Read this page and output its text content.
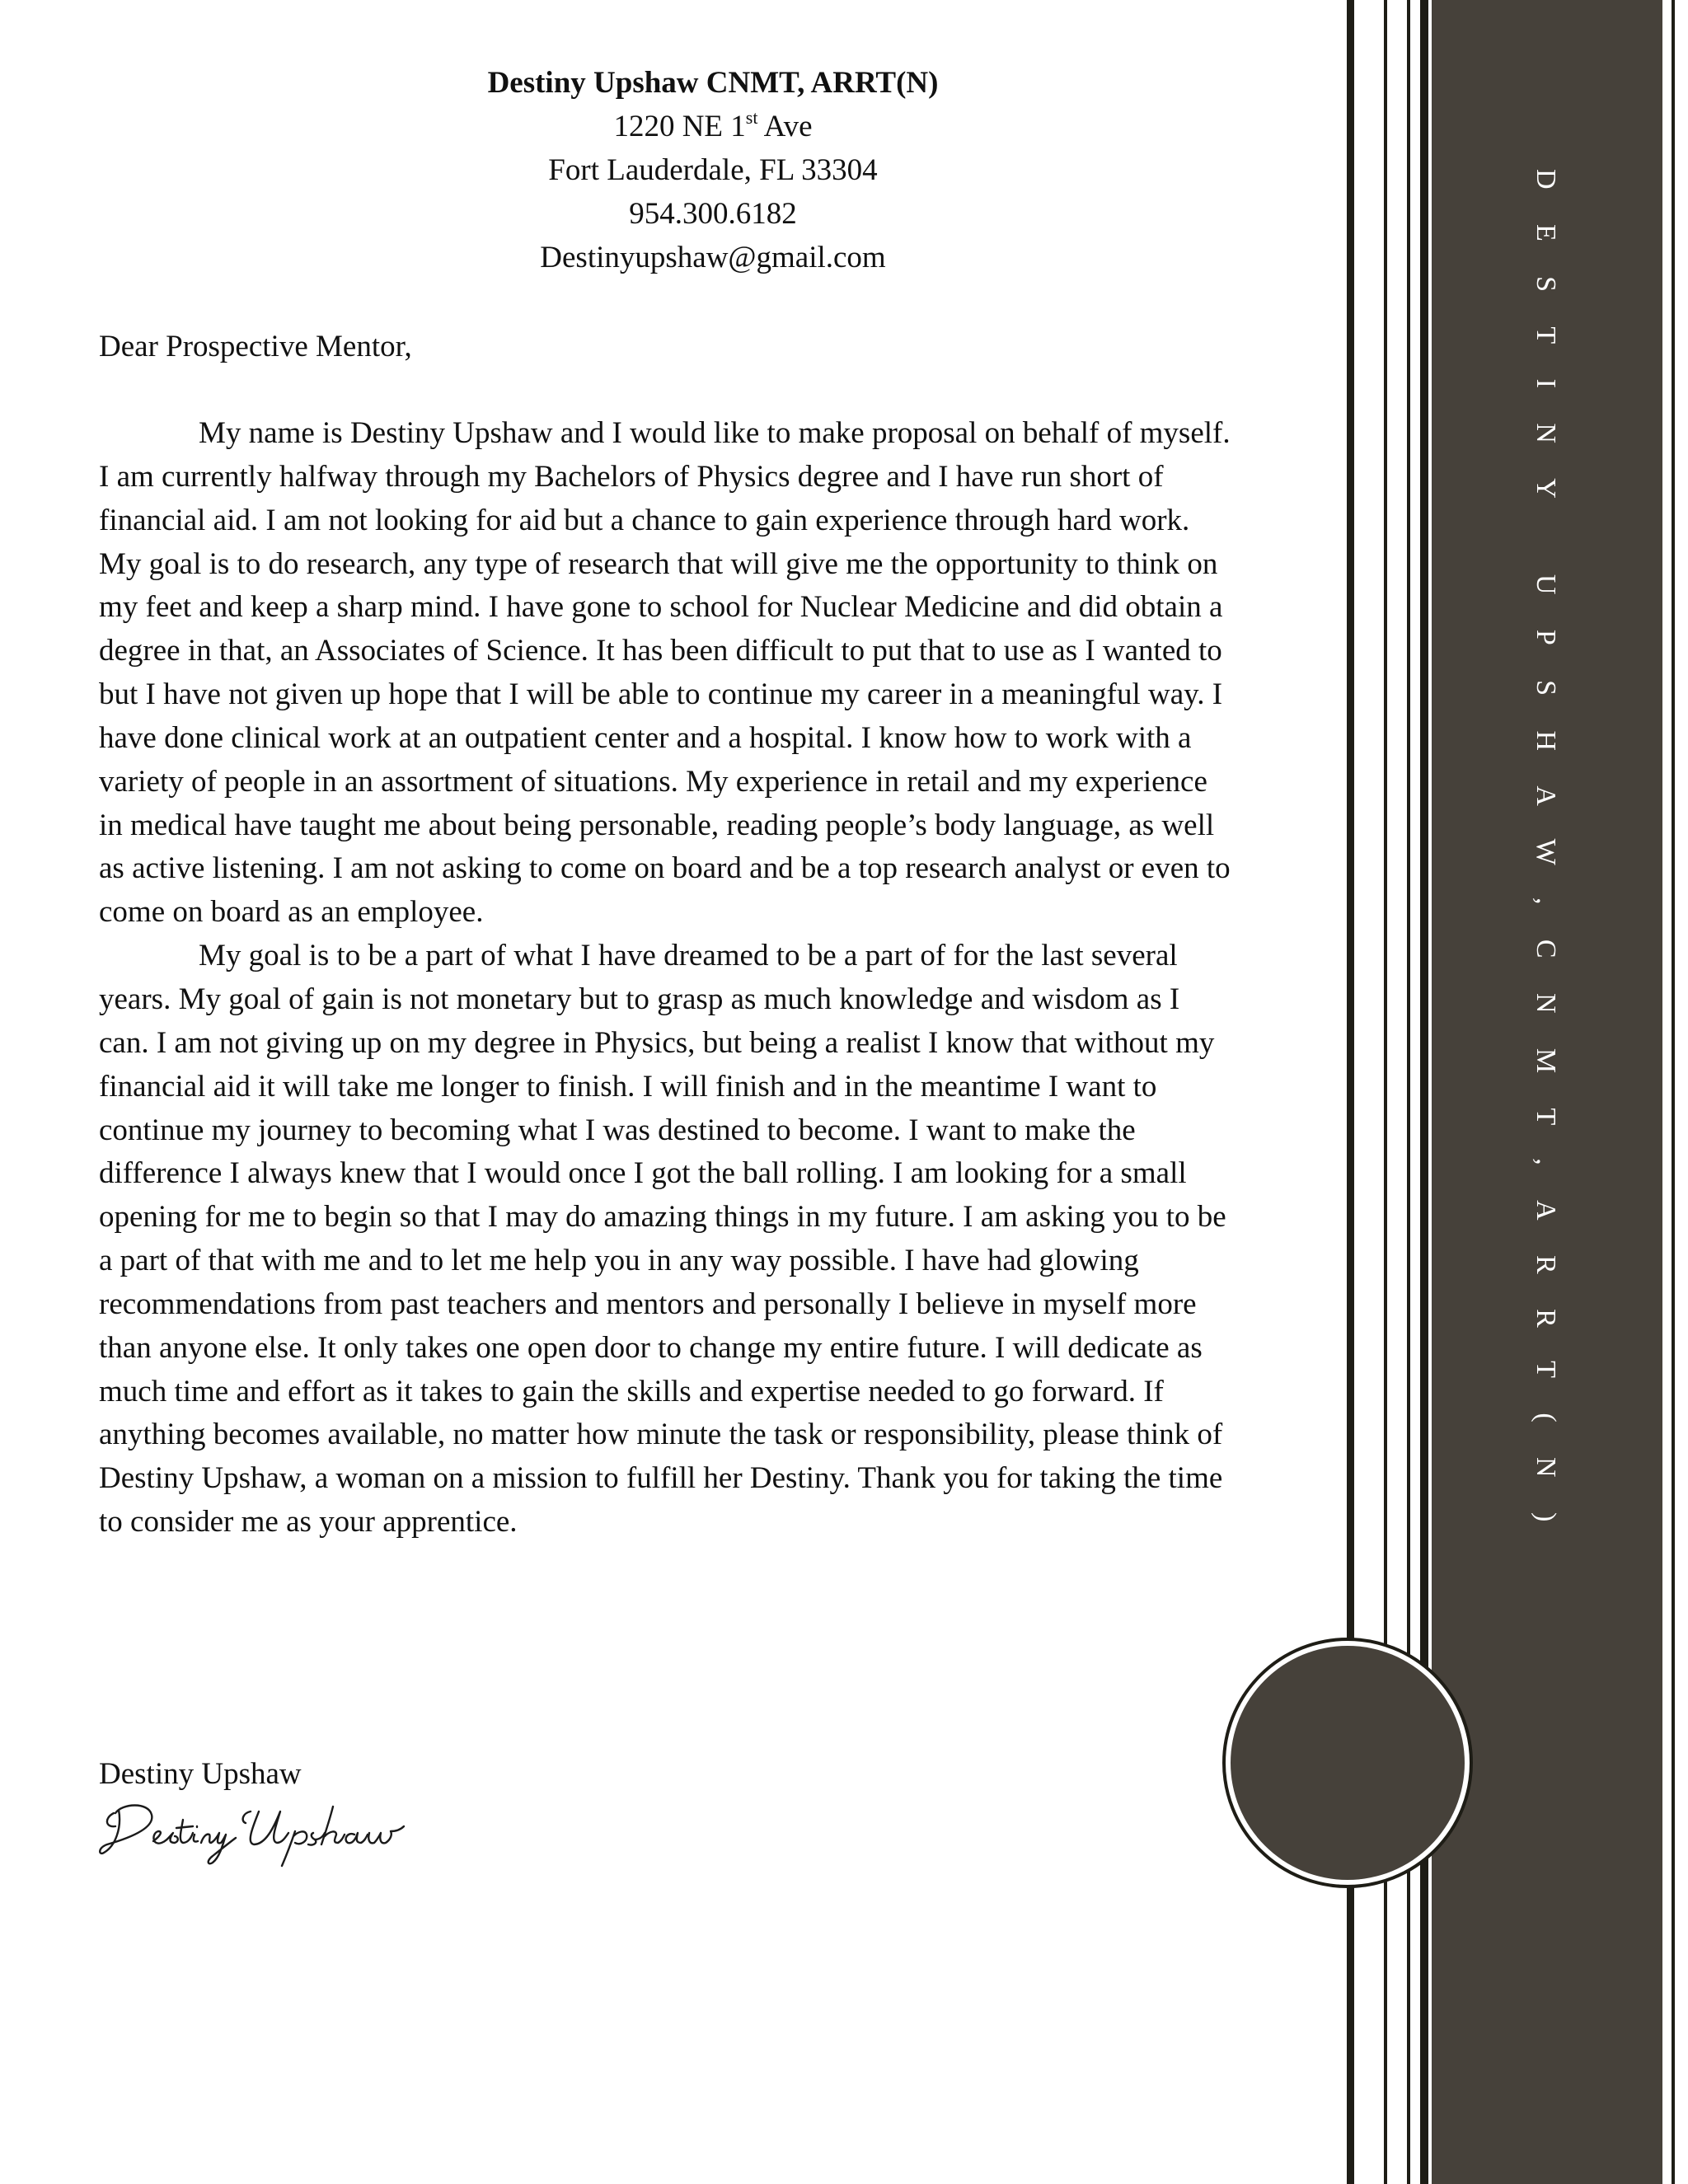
Destiny Upshaw CNMT, ARRT(N)
1220 NE 1st Ave
Fort Lauderdale, FL 33304
954.300.6182
Destinyupshaw@gmail.com
Dear Prospective Mentor,
My name is Destiny Upshaw and I would like to make proposal on behalf of myself.
I am currently halfway through my Bachelors of Physics degree and I have run short of
financial aid. I am not looking for aid but a chance to gain experience through hard work.
My goal is to do research, any type of research that will give me the opportunity to think on
my feet and keep a sharp mind. I have gone to school for Nuclear Medicine and did obtain a
degree in that, an Associates of Science. It has been difficult to put that to use as I wanted to
but I have not given up hope that I will be able to continue my career in a meaningful way. I
have done clinical work at an outpatient center and a hospital. I know how to work with a
variety of people in an assortment of situations. My experience in retail and my experience
in medical have taught me about being personable, reading people’s body language, as well
as active listening. I am not asking to come on board and be a top research analyst or even to
come on board as an employee.
My goal is to be a part of what I have dreamed to be a part of for the last several
years. My goal of gain is not monetary but to grasp as much knowledge and wisdom as I
can. I am not giving up on my degree in Physics, but being a realist I know that without my
financial aid it will take me longer to finish. I will finish and in the meantime I want to
continue my journey to becoming what I was destined to become. I want to make the
difference I always knew that I would once I got the ball rolling. I am looking for a small
opening for me to begin so that I may do amazing things in my future. I am asking you to be
a part of that with me and to let me help you in any way possible. I have had glowing
recommendations from past teachers and mentors and personally I believe in myself more
than anyone else. It only takes one open door to change my entire future. I will dedicate as
much time and effort as it takes to gain the skills and expertise needed to go forward. If
anything becomes available, no matter how minute the task or responsibility, please think of
Destiny Upshaw, a woman on a mission to fulfill her Destiny. Thank you for taking the time
to consider me as your apprentice.
Destiny Upshaw
DESTINY UPSHAW,CNMT,ARRT(N)
